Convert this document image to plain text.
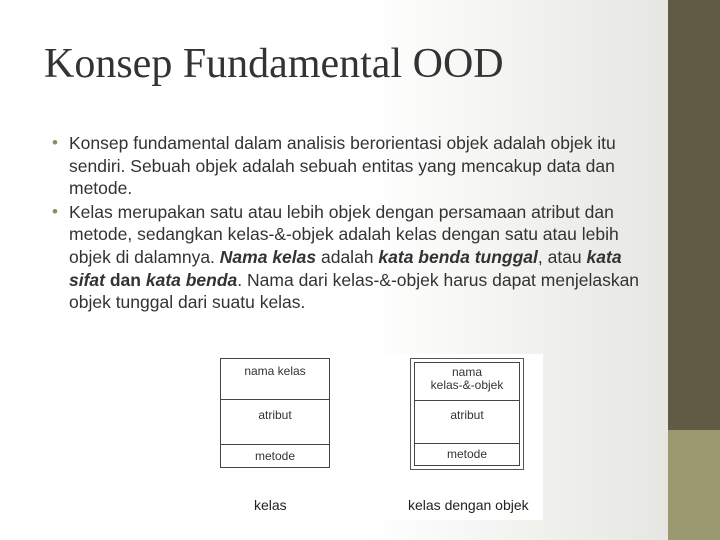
Konsep Fundamental OOD
• Konsep fundamental dalam analisis berorientasi objek adalah objek itu sendiri. Sebuah objek adalah sebuah entitas yang mencakup data dan metode.
• Kelas merupakan satu atau lebih objek dengan persamaan atribut dan metode, sedangkan kelas-&-objek adalah kelas dengan satu atau lebih objek di dalamnya. Nama kelas adalah kata benda tunggal, atau kata sifat dan kata benda. Nama dari kelas-&-objek harus dapat menjelaskan objek tunggal dari suatu kelas.
nama kelas
atribut
metode
nama
kelas-&-objek
atribut
metode
kelas	kelas dengan objek
